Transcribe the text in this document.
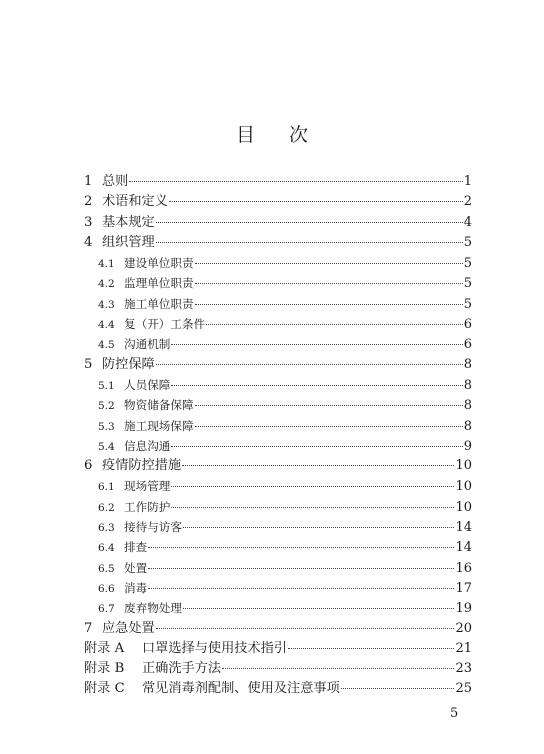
目 次
1 总则	1
2 术语和定义	2
3 基本规定	4
4 组织管理	5
4.1 建设单位职责	5
4.2 监理单位职责	5
4.3 施工单位职责	5
4.4 复（开）工条件	6
4.5 沟通机制	6
5 防控保障	8
5.1 人员保障	8
5.2 物资储备保障	8
5.3 施工现场保障	8
5.4 信息沟通	9
6 疫情防控措施	10
6.1 现场管理	10
6.2 工作防护	10
6.3 接待与访客	14
6.4 排查	14
6.5 处置	16
6.6 消毒	17
6.7 废弃物处理	19
7 应急处置	20
附录 A	口罩选择与使用技术指引	21
附录 B	正确洗手方法	23
附录 C	常见消毒剂配制、使用及注意事项	25
5
